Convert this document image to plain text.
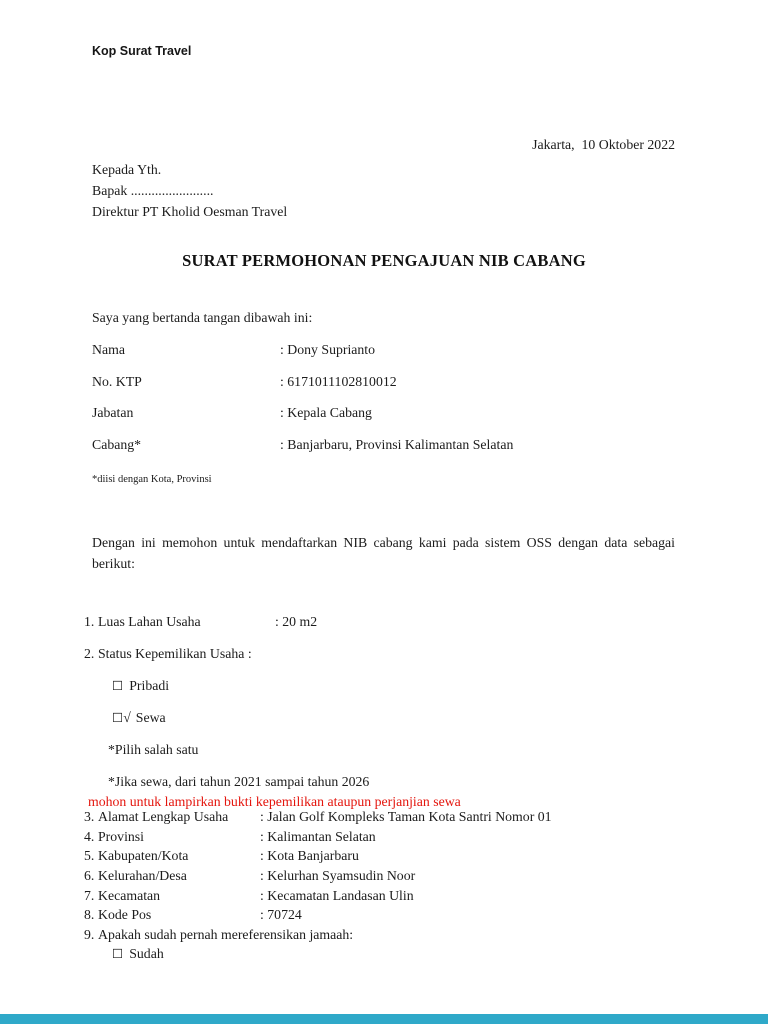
Kop Surat Travel
Jakarta,  10 Oktober 2022
Kepada Yth.
Bapak ........................
Direktur PT Kholid Oesman Travel
SURAT PERMOHONAN PENGAJUAN NIB CABANG
Saya yang bertanda tangan dibawah ini:
Nama	: Dony Suprianto
No. KTP	: 6171011102810012
Jabatan	: Kepala Cabang
Cabang*	: Banjarbaru, Provinsi Kalimantan Selatan
*diisi dengan Kota, Provinsi
Dengan ini memohon untuk mendaftarkan NIB cabang kami pada sistem OSS dengan data sebagai berikut:
1. Luas Lahan Usaha	: 20 m2
2. Status Kepemilikan Usaha :
☐ Pribadi
☐ √ Sewa
*Pilih salah satu
*Jika sewa, dari tahun 2021 sampai tahun 2026
mohon untuk lampirkan bukti kepemilikan ataupun perjanjian sewa
3. Alamat Lengkap Usaha	: Jalan Golf Kompleks Taman Kota Santri Nomor 01
4. Provinsi	: Kalimantan Selatan
5. Kabupaten/Kota	: Kota Banjarbaru
6. Kelurahan/Desa	: Kelurhan Syamsudin Noor
7. Kecamatan	: Kecamatan Landasan Ulin
8. Kode Pos	: 70724
9. Apakah sudah pernah mereferensikan jamaah:
☐ Sudah
